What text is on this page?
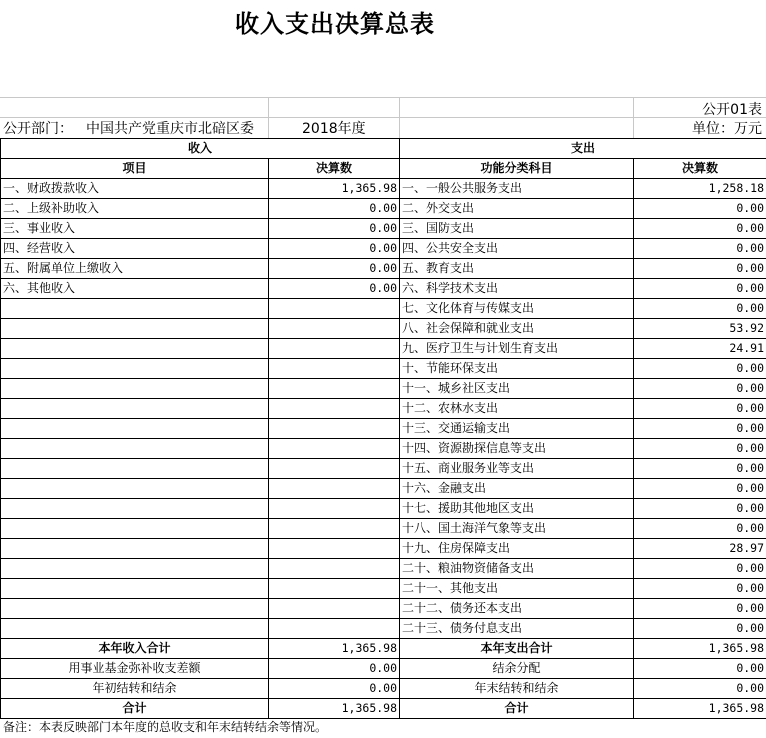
收入支出决算总表
公开01表
公开部门： 中国共产党重庆市北碚区委	2018年度	单位：万元
收入		支出	
项目	决算数	功能分类科目	决算数
一、财政拨款收入	1,365.98	一、一般公共服务支出	1,258.18
二、上级补助收入	0.00	二、外交支出	0.00
三、事业收入	0.00	三、国防支出	0.00
四、经营收入	0.00	四、公共安全支出	0.00
五、附属单位上缴收入	0.00	五、教育支出	0.00
六、其他收入	0.00	六、科学技术支出	0.00
		七、文化体育与传媒支出	0.00
		八、社会保障和就业支出	53.92
		九、医疗卫生与计划生育支出	24.91
		十、节能环保支出	0.00
		十一、城乡社区支出	0.00
		十二、农林水支出	0.00
		十三、交通运输支出	0.00
		十四、资源勘探信息等支出	0.00
		十五、商业服务业等支出	0.00
		十六、金融支出	0.00
		十七、援助其他地区支出	0.00
		十八、国土海洋气象等支出	0.00
		十九、住房保障支出	28.97
		二十、粮油物资储备支出	0.00
		二十一、其他支出	0.00
		二十二、债务还本支出	0.00
		二十三、债务付息支出	0.00
本年收入合计	1,365.98	本年支出合计	1,365.98
用事业基金弥补收支差额	0.00	结余分配	0.00
年初结转和结余	0.00	年末结转和结余	0.00
合计	1,365.98	合计	1,365.98
备注：本表反映部门本年度的总收支和年末结转结余等情况。
